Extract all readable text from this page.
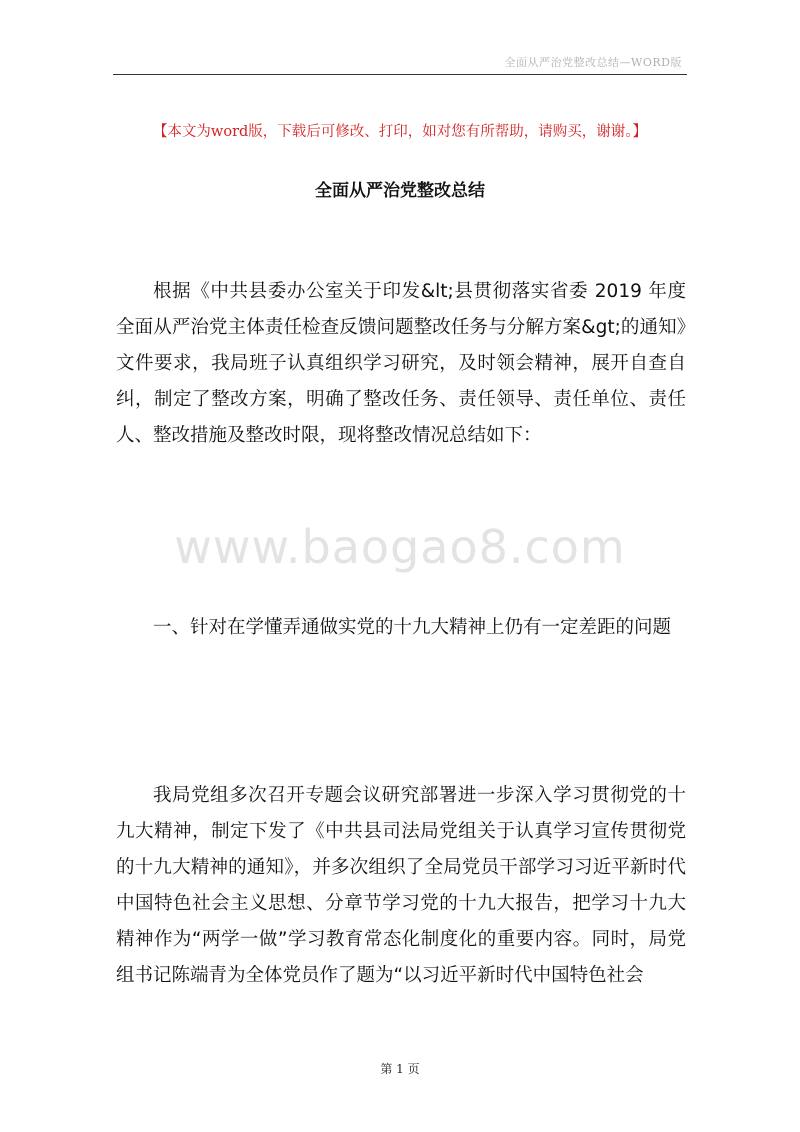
全面从严治党整改总结—WORD版
【本文为word版，下载后可修改、打印，如对您有所帮助，请购买，谢谢。】
全面从严治党整改总结

根据《中共县委办公室关于印发&lt;县贯彻落实省委 2019 年度全面从严治党主体责任检查反馈问题整改任务与分解方案&gt;的通知》文件要求，我局班子认真组织学习研究，及时领会精神，展开自查自纠，制定了整改方案，明确了整改任务、责任领导、责任单位、责任人、整改措施及整改时限，现将整改情况总结如下：

www.baogao8.com

一、针对在学懂弄通做实党的十九大精神上仍有一定差距的问题

我局党组多次召开专题会议研究部署进一步深入学习贯彻党的十九大精神，制定下发了《中共县司法局党组关于认真学习宣传贯彻党的十九大精神的通知》，并多次组织了全局党员干部学习习近平新时代中国特色社会主义思想、分章节学习党的十九大报告，把学习十九大精神作为“两学一做”学习教育常态化制度化的重要内容。同时，局党组书记陈端青为全体党员作了题为“以习近平新时代中国特色社会

第 1 页
